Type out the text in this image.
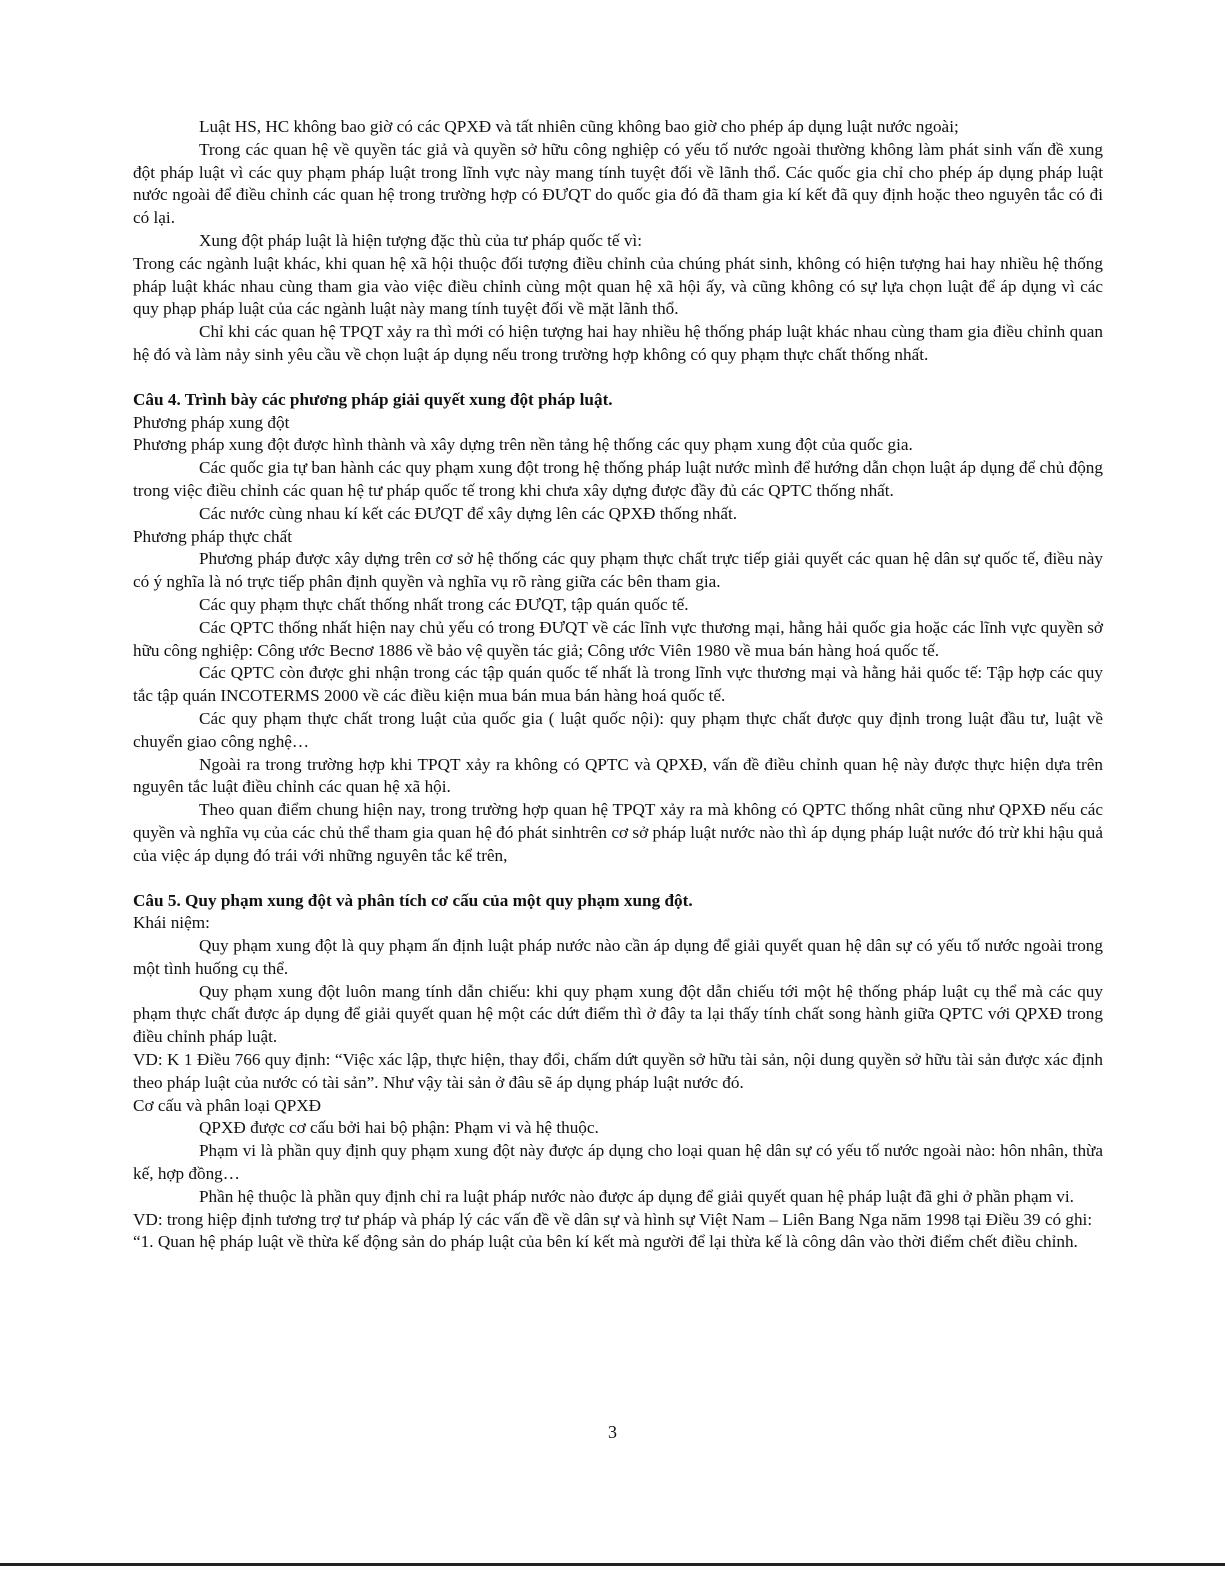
Luật HS, HC không bao giờ có các QPXĐ và tất nhiên cũng không bao giờ cho phép áp dụng luật nước ngoài;

Trong các quan hệ về quyền tác giả và quyền sở hữu công nghiệp có yếu tố nước ngoài thường không làm phát sinh vấn đề xung đột pháp luật vì các quy phạm pháp luật trong lĩnh vực này mang tính tuyệt đối về lãnh thổ. Các quốc gia chỉ cho phép áp dụng pháp luật nước ngoài để điều chỉnh các quan hệ trong trường hợp có ĐƯQT do quốc gia đó đã tham gia kí kết đã quy định hoặc theo nguyên tắc có đi có lại.

Xung đột pháp luật là hiện tượng đặc thù của tư pháp quốc tế vì:

Trong các ngành luật khác, khi quan hệ xã hội thuộc đối tượng điều chỉnh của chúng phát sinh, không có hiện tượng hai hay nhiều hệ thống pháp luật khác nhau cùng tham gia vào việc điều chỉnh cùng một quan hệ xã hội ấy, và cũng không có sự lựa chọn luật để áp dụng vì các quy phạp pháp luật của các ngành luật này mang tính tuyệt đối về mặt lãnh thổ.

Chỉ khi các quan hệ TPQT xảy ra thì mới có hiện tượng hai hay nhiều hệ thống pháp luật khác nhau cùng tham gia điều chỉnh quan hệ đó và làm nảy sinh yêu cầu về chọn luật áp dụng nếu trong trường hợp không có quy phạm thực chất thống nhất.

Câu 4. Trình bày các phương pháp giải quyết xung đột pháp luật.

Phương pháp xung đột

Phương pháp xung đột được hình thành và xây dựng trên nền tảng hệ thống các quy phạm xung đột của quốc gia.

Các quốc gia tự ban hành các quy phạm xung đột trong hệ thống pháp luật nước mình để hướng dẫn chọn luật áp dụng để chủ động trong việc điều chỉnh các quan hệ tư pháp quốc tế trong khi chưa xây dựng được đầy đủ các QPTC thống nhất.

Các nước cùng nhau kí kết các ĐƯQT để xây dựng lên các QPXĐ thống nhất.

Phương pháp thực chất

Phương pháp được xây dựng trên cơ sở hệ thống các quy phạm thực chất trực tiếp giải quyết các quan hệ dân sự quốc tế, điều này có ý nghĩa là nó trực tiếp phân định quyền và nghĩa vụ rõ ràng giữa các bên tham gia.

Các quy phạm thực chất thống nhất trong các ĐƯQT, tập quán quốc tế.

Các QPTC thống nhất hiện nay chủ yếu có trong ĐƯQT về các lĩnh vực thương mại, hằng hải quốc gia hoặc các lĩnh vực quyền sở hữu công nghiệp: Công ước Becnơ 1886 về bảo vệ quyền tác giả; Công ước Viên 1980 về mua bán hàng hoá quốc tế.

Các QPTC còn được ghi nhận trong các tập quán quốc tế nhất là trong lĩnh vực thương mại và hằng hải quốc tế: Tập hợp các quy tắc tập quán INCOTERMS 2000 về các điều kiện mua bán mua bán hàng hoá quốc tế.

Các quy phạm thực chất trong luật của quốc gia ( luật quốc nội): quy phạm thực chất được quy định trong luật đầu tư, luật về chuyển giao công nghệ…

Ngoài ra trong trường hợp khi TPQT xảy ra không có QPTC và QPXĐ, vấn đề điều chỉnh quan hệ này được thực hiện dựa trên nguyên tắc luật điều chỉnh các quan hệ xã hội.

Theo quan điểm chung hiện nay, trong trường hợp quan hệ TPQT xảy ra mà không có QPTC thống nhât cũng như QPXĐ nếu các quyền và nghĩa vụ của các chủ thể tham gia quan hệ đó phát sinhtrên cơ sở pháp luật nước nào thì áp dụng pháp luật nước đó trừ khi hậu quả của việc áp dụng đó trái với những nguyên tắc kể trên,

Câu 5. Quy phạm xung đột và phân tích cơ cấu của một quy phạm xung đột.

Khái niệm:

Quy phạm xung đột là quy phạm ấn định luật pháp nước nào cần áp dụng để giải quyết quan hệ dân sự có yếu tố nước ngoài trong một tình huống cụ thể.

Quy phạm xung đột luôn mang tính dẫn chiếu: khi quy phạm xung đột dẫn chiếu tới một hệ thống pháp luật cụ thể mà các quy phạm thực chất được áp dụng để giải quyết quan hệ một các dứt điểm thì ở đây ta lại thấy tính chất song hành giữa QPTC với QPXĐ trong điều chỉnh pháp luật.

VD: K 1 Điều 766 quy định: “Việc xác lập, thực hiện, thay đổi, chấm dứt quyền sở hữu tài sản, nội dung quyền sở hữu tài sản được xác định theo pháp luật của nước có tài sản”. Như vậy tài sản ở đâu sẽ áp dụng pháp luật nước đó.

Cơ cấu và phân loại QPXĐ

QPXĐ được cơ cấu bởi hai bộ phận: Phạm vi và hệ thuộc.

Phạm vi là phần quy định quy phạm xung đột này được áp dụng cho loại quan hệ dân sự có yếu tố nước ngoài nào: hôn nhân, thừa kế, hợp đồng…

Phần hệ thuộc là phần quy định chỉ ra luật pháp nước nào được áp dụng để giải quyết quan hệ pháp luật đã ghi ở phần phạm vi.

VD: trong hiệp định tương trợ tư pháp và pháp lý các vấn đề về dân sự và hình sự Việt Nam – Liên Bang Nga năm 1998 tại Điều 39 có ghi:

“1. Quan hệ pháp luật về thừa kế động sản do pháp luật của bên kí kết mà người để lại thừa kế là công dân vào thời điểm chết điều chỉnh.

3
